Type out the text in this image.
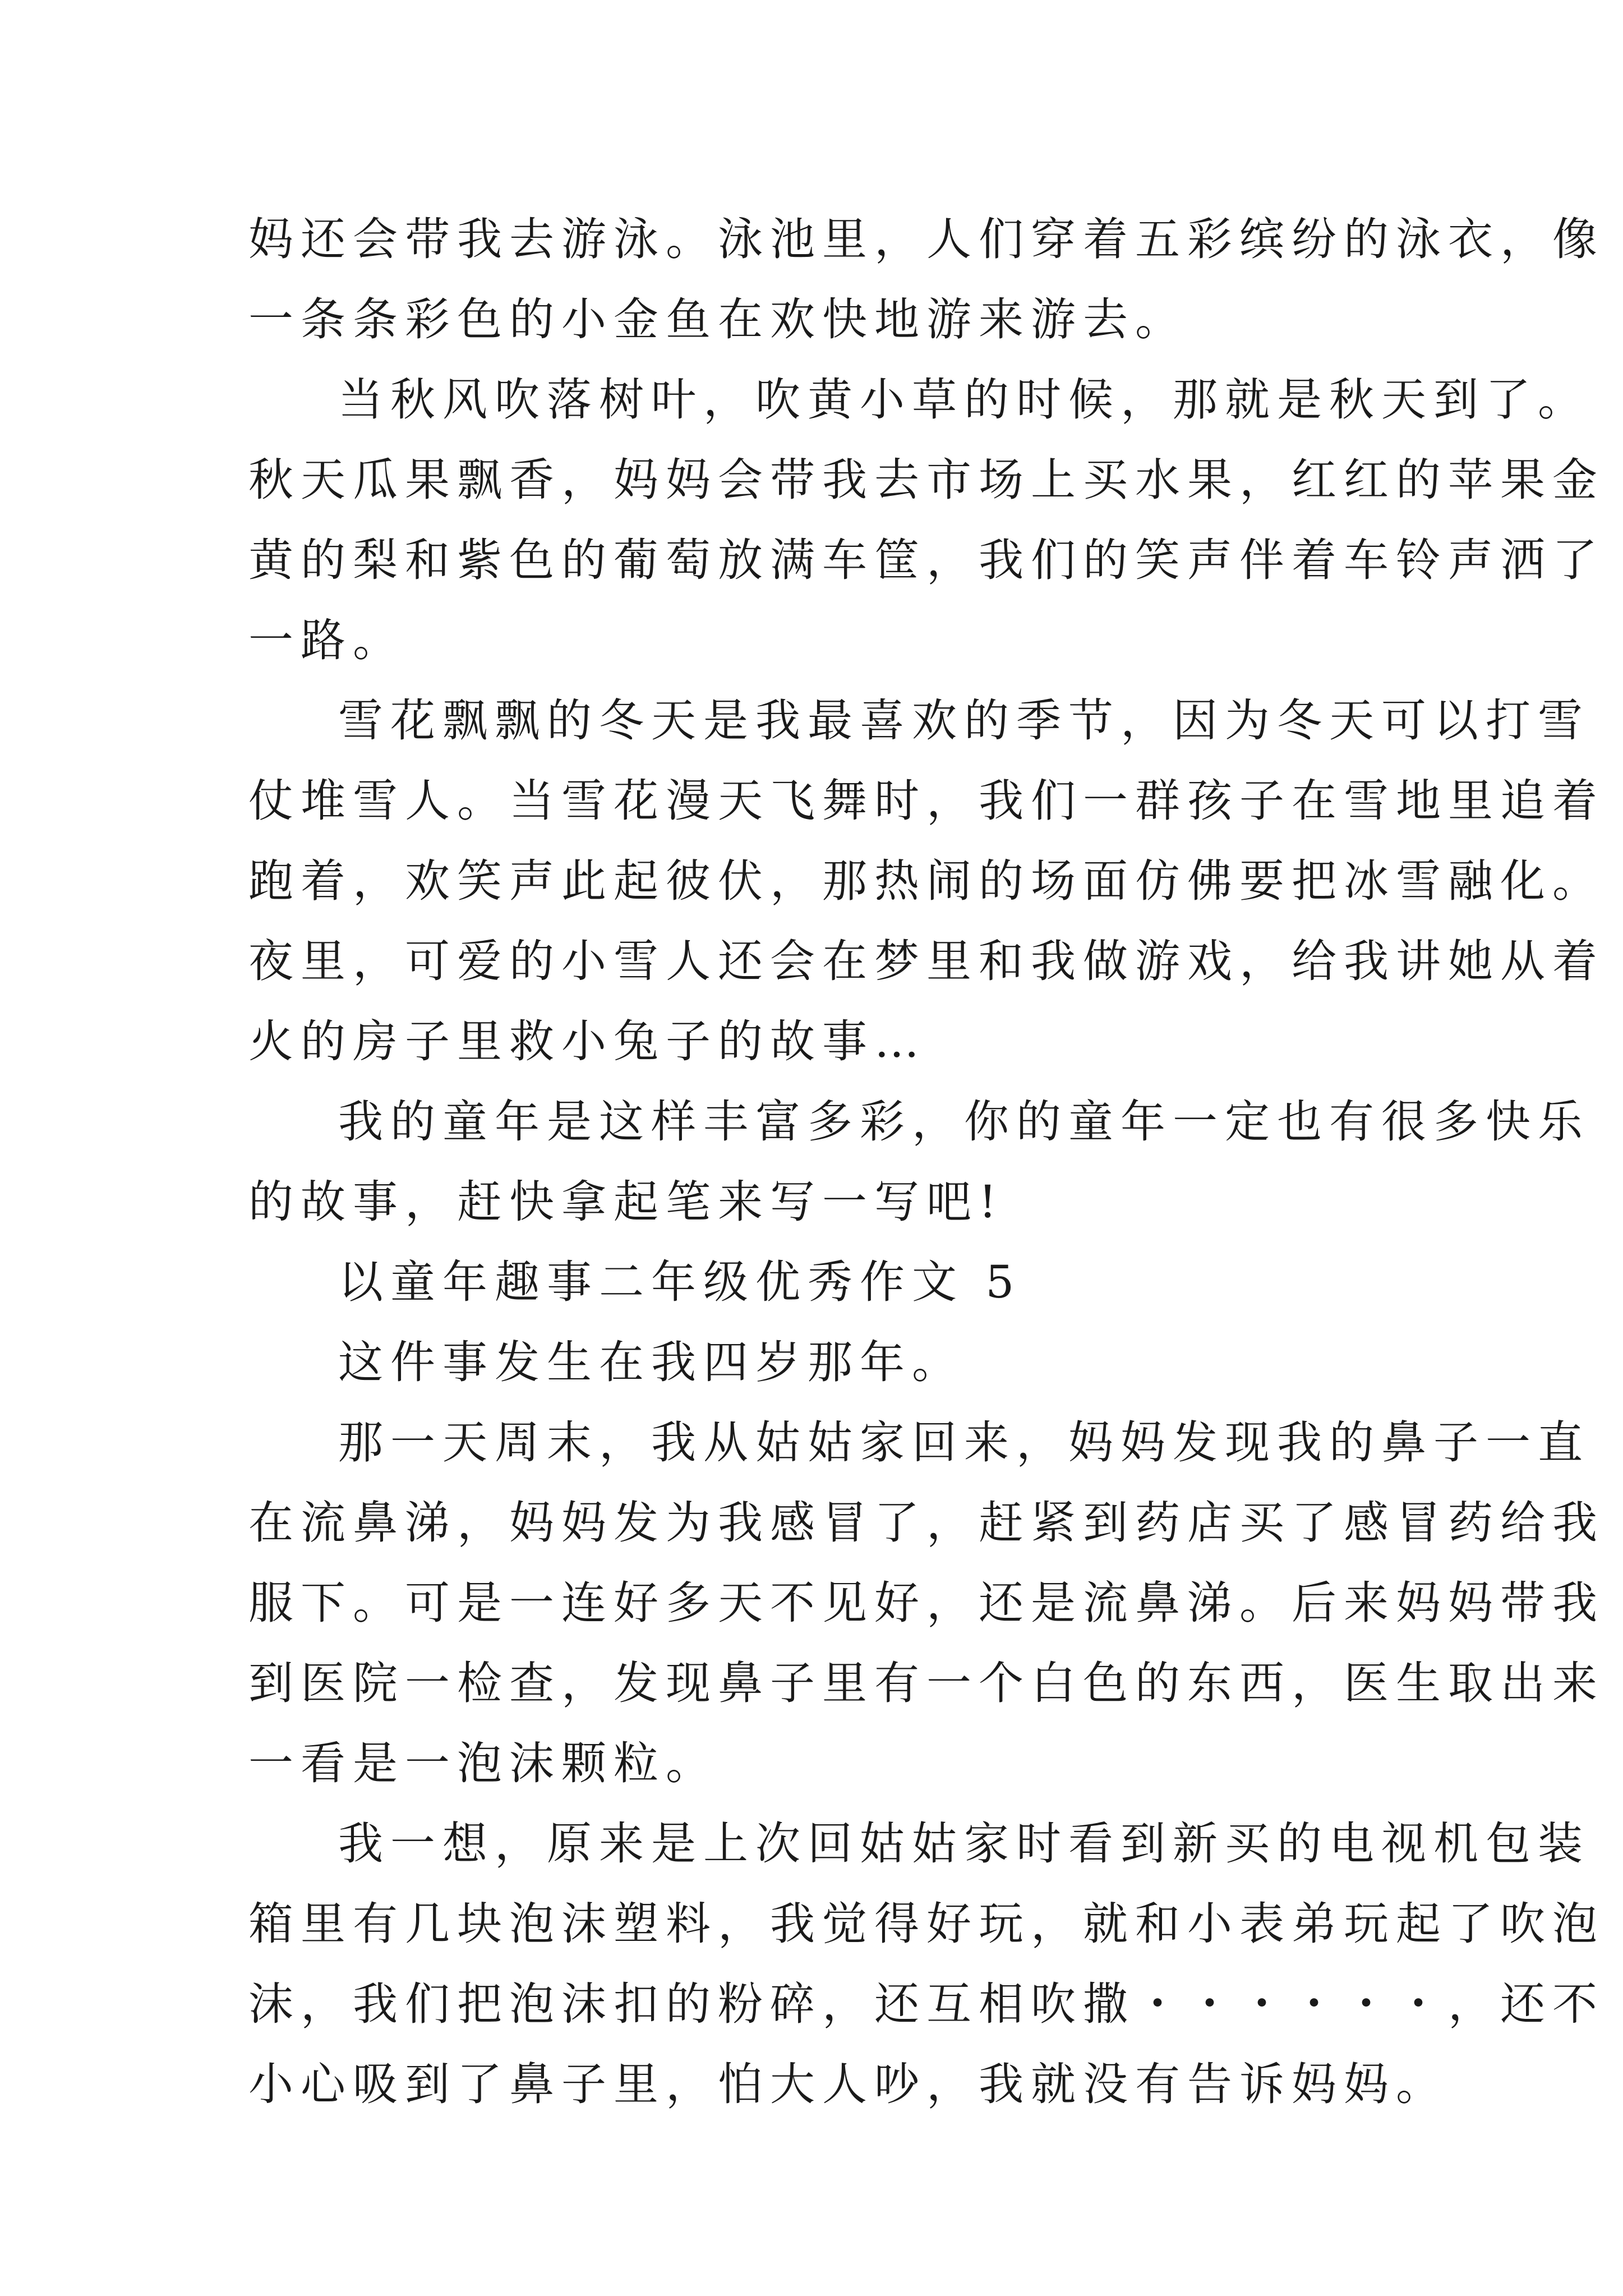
妈还会带我去游泳。泳池里，人们穿着五彩缤纷的泳衣，像
一条条彩色的小金鱼在欢快地游来游去。
当秋风吹落树叶，吹黄小草的时候，那就是秋天到了。
秋天瓜果飘香，妈妈会带我去市场上买水果，红红的苹果金
黄的梨和紫色的葡萄放满车筐，我们的笑声伴着车铃声洒了
一路。
雪花飘飘的冬天是我最喜欢的季节，因为冬天可以打雪
仗堆雪人。当雪花漫天飞舞时，我们一群孩子在雪地里追着
跑着，欢笑声此起彼伏，那热闹的场面仿佛要把冰雪融化。
夜里，可爱的小雪人还会在梦里和我做游戏，给我讲她从着
火的房子里救小兔子的故事…
我的童年是这样丰富多彩，你的童年一定也有很多快乐
的故事，赶快拿起笔来写一写吧!
以童年趣事二年级优秀作文 5
这件事发生在我四岁那年。
那一天周末，我从姑姑家回来，妈妈发现我的鼻子一直
在流鼻涕，妈妈发为我感冒了，赶紧到药店买了感冒药给我
服下。可是一连好多天不见好，还是流鼻涕。后来妈妈带我
到医院一检查，发现鼻子里有一个白色的东西，医生取出来
一看是一泡沫颗粒。
我一想，原来是上次回姑姑家时看到新买的电视机包装
箱里有几块泡沫塑料，我觉得好玩，就和小表弟玩起了吹泡
沫，我们把泡沫扣的粉碎，还互相吹撒・・・・・・，还不
小心吸到了鼻子里，怕大人吵，我就没有告诉妈妈。
